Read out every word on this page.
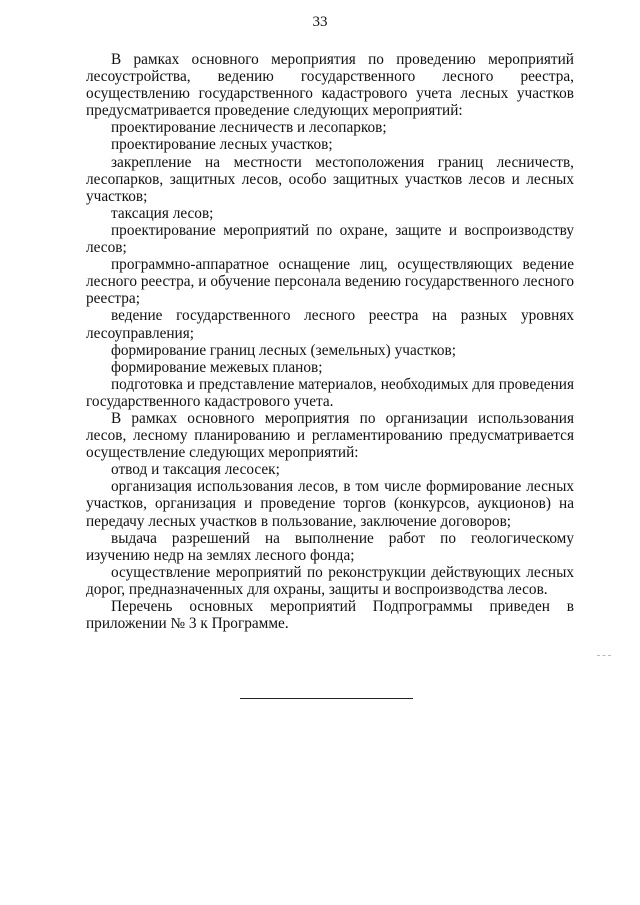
33

В рамках основного мероприятия по проведению мероприятий лесоустройства, ведению государственного лесного реестра, осуществлению государственного кадастрового учета лесных участков предусматривается проведение следующих мероприятий:

проектирование лесничеств и лесопарков;

проектирование лесных участков;

закрепление на местности местоположения границ лесничеств, лесопарков, защитных лесов, особо защитных участков лесов и лесных участков;

таксация лесов;

проектирование мероприятий по охране, защите и воспроизводству лесов;

программно-аппаратное оснащение лиц, осуществляющих ведение лесного реестра, и обучение персонала ведению государственного лесного реестра;

ведение государственного лесного реестра на разных уровнях лесоуправления;

формирование границ лесных (земельных) участков;

формирование межевых планов;

подготовка и представление материалов, необходимых для проведения государственного кадастрового учета.

В рамках основного мероприятия по организации использования лесов, лесному планированию и регламентированию предусматривается осуществление следующих мероприятий:

отвод и таксация лесосек;

организация использования лесов, в том числе формирование лесных участков, организация и проведение торгов (конкурсов, аукционов) на передачу лесных участков в пользование, заключение договоров;

выдача разрешений на выполнение работ по геологическому изучению недр на землях лесного фонда;

осуществление мероприятий по реконструкции действующих лесных дорог, предназначенных для охраны, защиты и воспроизводства лесов.

Перечень основных мероприятий Подпрограммы приведен в приложении № 3 к Программе.
